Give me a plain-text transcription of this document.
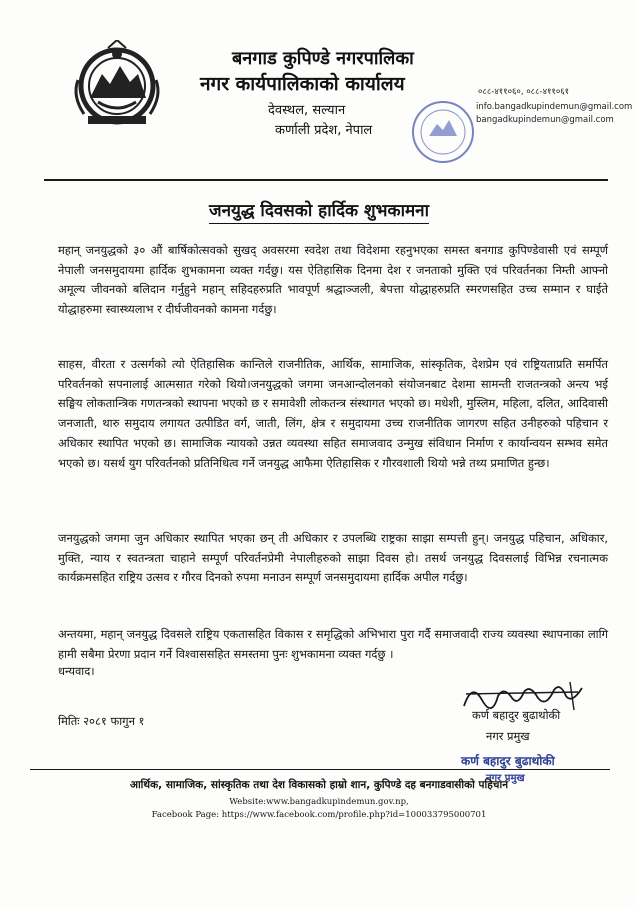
बनगाड कुपिण्डे नगरपालिका
नगर कार्यपालिकाको कार्यालय
देवस्थल, सल्यान
कर्णाली प्रदेश, नेपाल
०८८-४११०६०, ०८८-४११०६१
info.bangadkupindemun@gmail.com
bangadkupindemun@gmail.com
जनयुद्ध दिवसको हार्दिक शुभकामना

महान् जनयुद्धको ३० औं बार्षिकोत्सवको सुखद् अवसरमा स्वदेश तथा विदेशमा रहनुभएका समस्त बनगाड कुपिण्डेवासी एवं सम्पूर्ण नेपाली जनसमुदायमा हार्दिक शुभकामना व्यक्त गर्दछु। यस ऐतिहासिक दिनमा देश र जनताको मुक्ति एवं परिवर्तनका निम्ती आफ्नो अमूल्य जीवनको बलिदान गर्नुहुने महान् सहिदहरुप्रति भावपूर्ण श्रद्धाञ्जली, बेपत्ता योद्धाहरुप्रति स्मरणसहित उच्च सम्मान र घाईते योद्धाहरुमा स्वास्थ्यलाभ र दीर्घजीवनको कामना गर्दछु।

साहस, वीरता र उत्सर्गको त्यो ऐतिहासिक कान्तिले राजनीतिक, आर्थिक, सामाजिक, सांस्कृतिक, देशप्रेम एवं राष्ट्रियताप्रति समर्पित परिवर्तनको सपनालाई आत्मसात गरेको थियो।जनयुद्धको जगमा जनआन्दोलनको संयोजनबाट देशमा सामन्ती राजतन्त्रको अन्त्य भई सङ्घिय लोकतान्त्रिक गणतन्त्रको स्थापना भएको छ र समावेशी लोकतन्त्र संस्थागत भएको छ। मधेशी, मुस्लिम, महिला, दलित, आदिवासी जनजाती, थारु समुदाय लगायत उत्पीडित वर्ग, जाती, लिंग, क्षेत्र र समुदायमा उच्च राजनीतिक जागरण सहित उनीहरुको पहिचान र अधिकार स्थापित भएको छ। सामाजिक न्यायको उन्नत व्यवस्था सहित समाजवाद उन्मुख संविधान निर्माण र कार्यान्वयन सम्भव समेत भएको छ। यसर्थ युग परिवर्तनको प्रतिनिधित्व गर्ने जनयुद्ध आफैमा ऐतिहासिक र गौरवशाली थियो भन्ने तथ्य प्रमाणित हुन्छ।

जनयुद्धको जगमा जुन अधिकार स्थापित भएका छन् ती अधिकार र उपलब्धि राष्ट्रका साझा सम्पत्ती हुन्। जनयुद्ध पहिचान, अधिकार, मुक्ति, न्याय र स्वतन्त्रता चाहाने सम्पूर्ण परिवर्तनप्रेमी नेपालीहरुको साझा दिवस हो। तसर्थ जनयुद्ध दिवसलाई विभिन्न रचनात्मक कार्यक्रमसहित राष्ट्रिय उत्सव र गौरव दिनको रुपमा मनाउन सम्पूर्ण जनसमुदायमा हार्दिक अपील गर्दछु।

अन्तयमा, महान् जनयुद्ध दिवसले राष्ट्रिय एकतासहित विकास र समृद्धिको अभिभारा पुरा गर्दै समाजवादी राज्य व्यवस्था स्थापनाका लागि हामी सबैमा प्रेरणा प्रदान गर्ने विश्वाससहित समस्तमा पुनः शुभकामना व्यक्त गर्दछु ।

धन्यवाद।
मितिः २०८१ फागुन १	कर्ण बहादुर बुढाथोकी
नगर प्रमुख
कर्ण बहादुर बुढाथोकी
नगर प्रमुख
आर्थिक, सामाजिक, सांस्कृतिक तथा देश विकासको हाम्रो शान, कुपिण्डे दह बनगाडवासीको पहिचान
Website:www.bangadkupindemun.gov.np,
Facebook Page: https://www.facebook.com/profile.php?id=100033795000701
